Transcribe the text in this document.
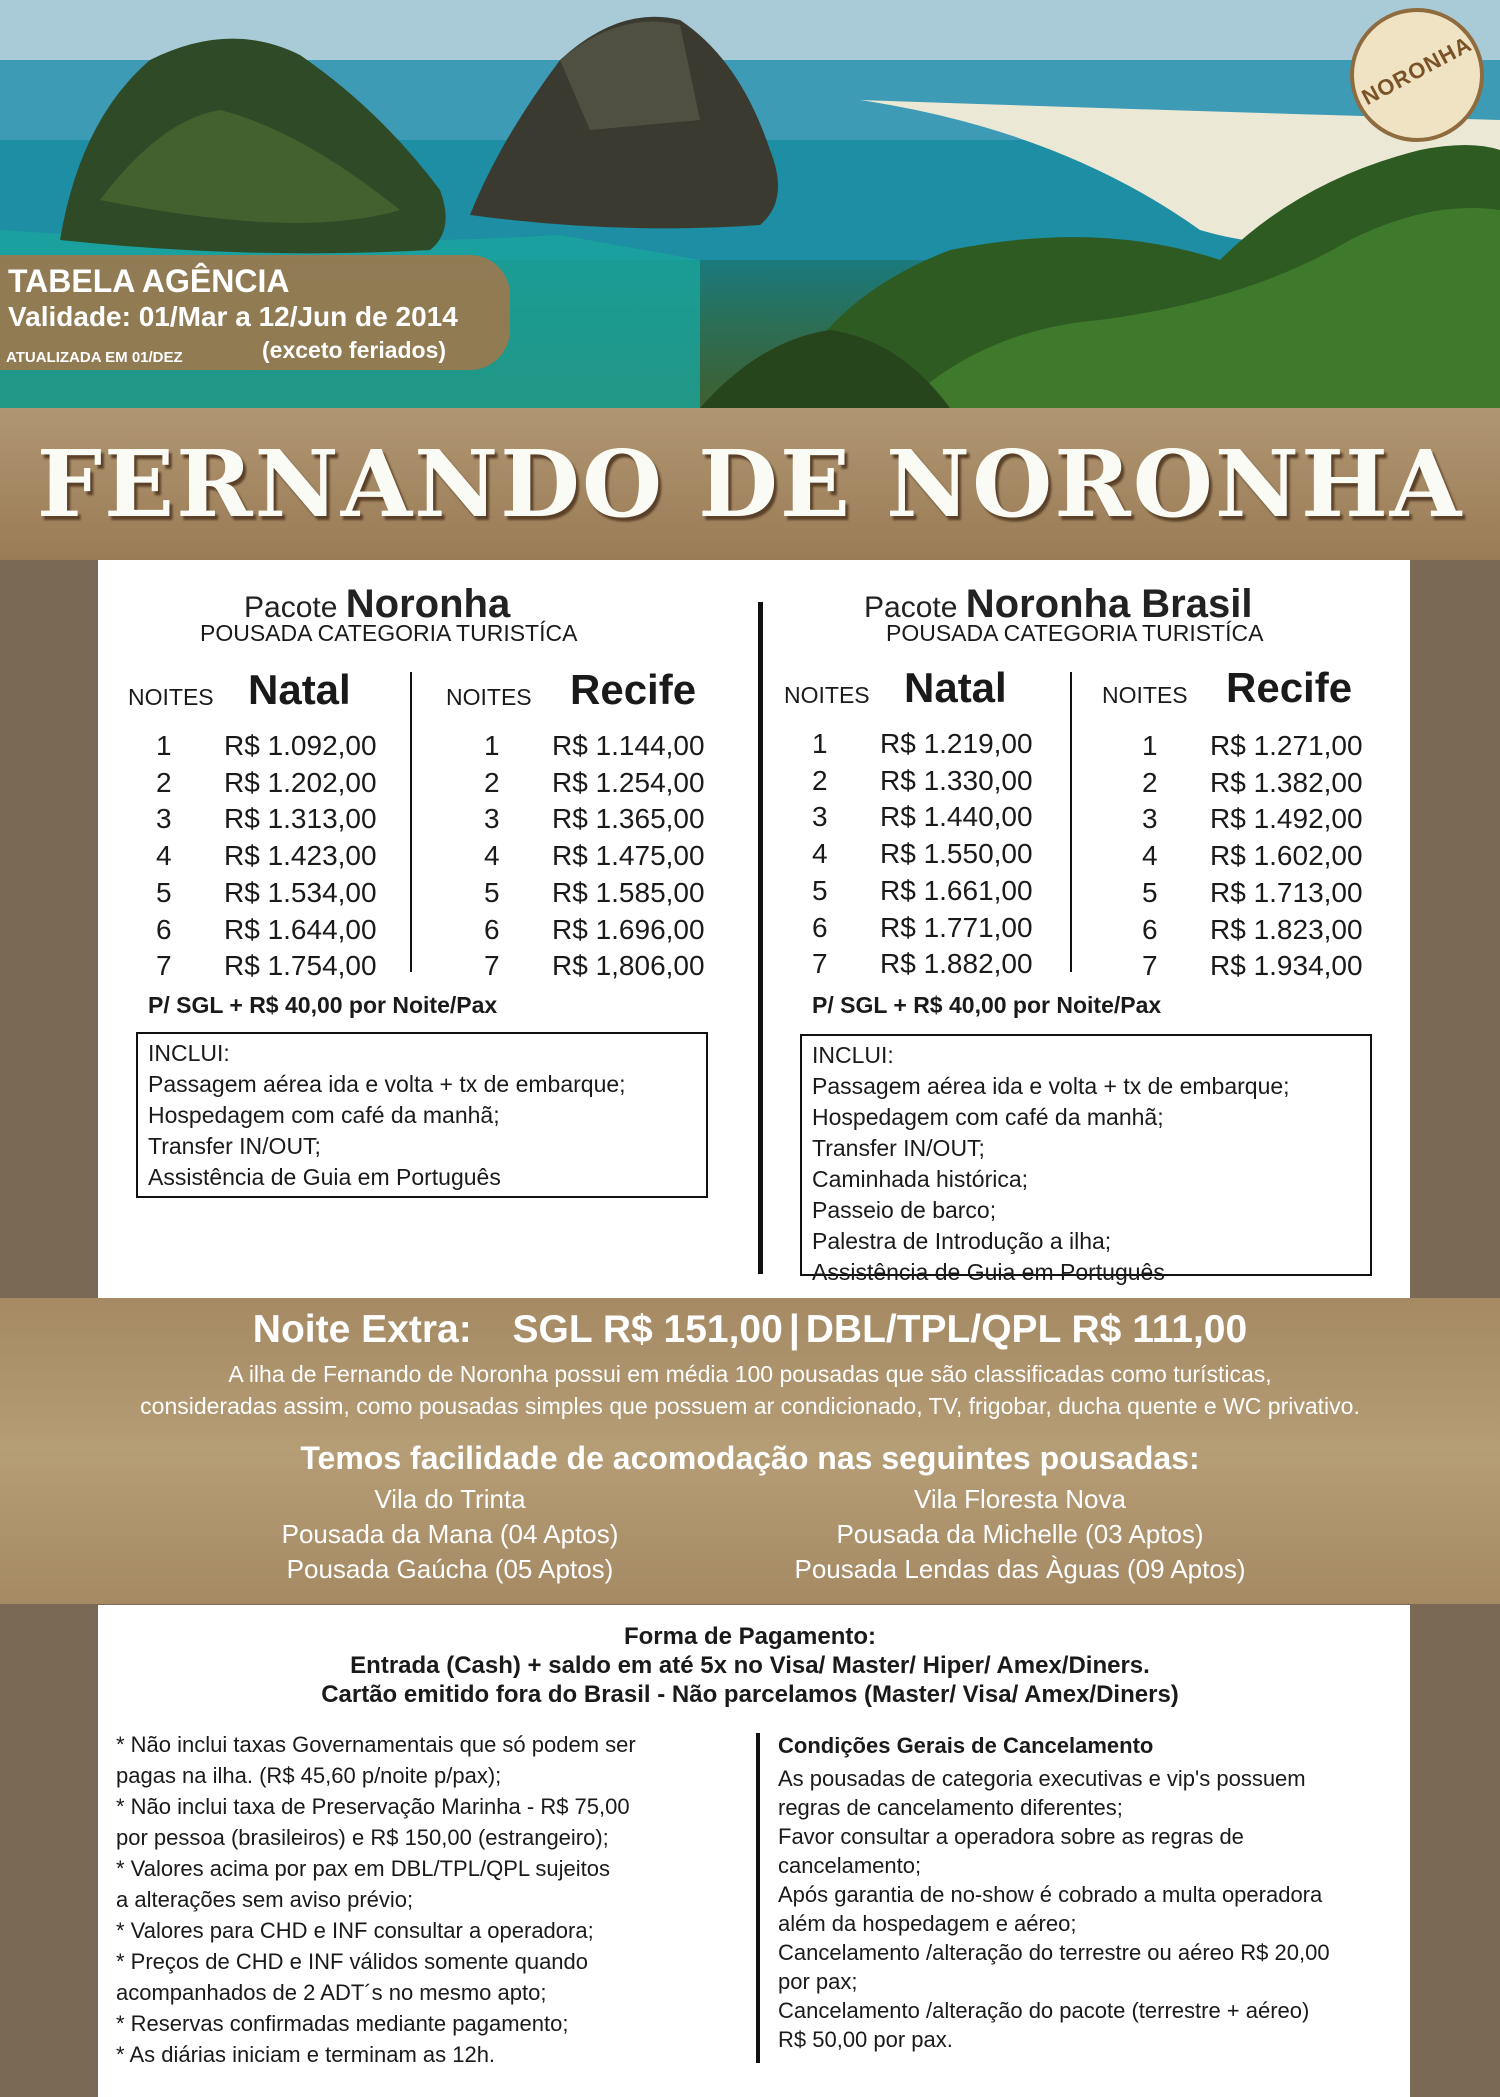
NORONHA
TABELA AGÊNCIA
Validade: 01/Mar a 12/Jun de 2014
ATUALIZADA EM 01/DEZ	(exceto feriados)
FERNANDO DE NORONHA
Pacote Noronha
POUSADA CATEGORIA TURISTÍCA
NOITES Natal
1 R$ 1.092,00
2 R$ 1.202,00
3 R$ 1.313,00
4 R$ 1.423,00
5 R$ 1.534,00
6 R$ 1.644,00
7 R$ 1.754,00
NOITES Recife
1 R$ 1.144,00
2 R$ 1.254,00
3 R$ 1.365,00
4 R$ 1.475,00
5 R$ 1.585,00
6 R$ 1.696,00
7 R$ 1,806,00
P/ SGL + R$ 40,00 por Noite/Pax
INCLUI:
Passagem aérea ida e volta + tx de embarque;
Hospedagem com café da manhã;
Transfer IN/OUT;
Assistência de Guia em Português
Pacote Noronha Brasil
POUSADA CATEGORIA TURISTÍCA
NOITES Natal
1 R$ 1.219,00
2 R$ 1.330,00
3 R$ 1.440,00
4 R$ 1.550,00
5 R$ 1.661,00
6 R$ 1.771,00
7 R$ 1.882,00
NOITES Recife
1 R$ 1.271,00
2 R$ 1.382,00
3 R$ 1.492,00
4 R$ 1.602,00
5 R$ 1.713,00
6 R$ 1.823,00
7 R$ 1.934,00
P/ SGL + R$ 40,00 por Noite/Pax
INCLUI:
Passagem aérea ida e volta + tx de embarque;
Hospedagem com café da manhã;
Transfer IN/OUT;
Caminhada histórica;
Passeio de barco;
Palestra de Introdução a ilha;
Assistência de Guia em Português
Noite Extra: SGL R$ 151,00 | DBL/TPL/QPL R$ 111,00
A ilha de Fernando de Noronha possui em média 100 pousadas que são classificadas como turísticas,
consideradas assim, como pousadas simples que possuem ar condicionado, TV, frigobar, ducha quente e WC privativo.
Temos facilidade de acomodação nas seguintes pousadas:
Vila do Trinta
Pousada da Mana (04 Aptos)
Pousada Gaúcha (05 Aptos)
Vila Floresta Nova
Pousada da Michelle (03 Aptos)
Pousada Lendas das Àguas (09 Aptos)
Forma de Pagamento:
Entrada (Cash) + saldo em até 5x no Visa/ Master/ Hiper/ Amex/Diners.
Cartão emitido fora do Brasil - Não parcelamos (Master/ Visa/ Amex/Diners)
* Não inclui taxas Governamentais que só podem ser
pagas na ilha. (R$ 45,60 p/noite p/pax);
* Não inclui taxa de Preservação Marinha - R$ 75,00
por pessoa (brasileiros) e R$ 150,00 (estrangeiro);
* Valores acima por pax em DBL/TPL/QPL sujeitos
a alterações sem aviso prévio;
* Valores para CHD e INF consultar a operadora;
* Preços de CHD e INF válidos somente quando
acompanhados de 2 ADT´s no mesmo apto;
* Reservas confirmadas mediante pagamento;
* As diárias iniciam e terminam as 12h.
Condições Gerais de Cancelamento
As pousadas de categoria executivas e vip's possuem
regras de cancelamento diferentes;
Favor consultar a operadora sobre as regras de
cancelamento;
Após garantia de no-show é cobrado a multa operadora
além da hospedagem e aéreo;
Cancelamento /alteração do terrestre ou aéreo R$ 20,00
por pax;
Cancelamento /alteração do pacote (terrestre + aéreo)
R$ 50,00 por pax.
